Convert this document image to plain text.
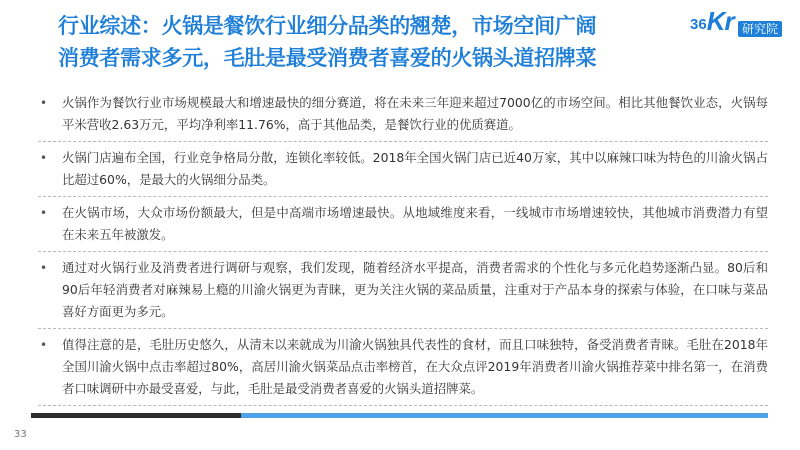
行业综述：火锅是餐饮行业细分品类的翘楚，市场空间广阔
消费者需求多元，毛肚是最受消费者喜爱的火锅头道招牌菜
36 Kr 研究院
• 火锅作为餐饮行业市场规模最大和增速最快的细分赛道，将在未来三年迎来超过7000亿的市场空间。相比其他餐饮业态，火锅每平米营收2.63万元，平均净利率11.76%，高于其他品类，是餐饮行业的优质赛道。
• 火锅门店遍布全国，行业竞争格局分散，连锁化率较低。2018年全国火锅门店已近40万家，其中以麻辣口味为特色的川渝火锅占比超过60%，是最大的火锅细分品类。
• 在火锅市场，大众市场份额最大，但是中高端市场增速最快。从地域维度来看，一线城市市场增速较快，其他城市消费潜力有望在未来五年被激发。
• 通过对火锅行业及消费者进行调研与观察，我们发现，随着经济水平提高，消费者需求的个性化与多元化趋势逐渐凸显。80后和90后年轻消费者对麻辣易上瘾的川渝火锅更为青睐，更为关注火锅的菜品质量，注重对于产品本身的探索与体验，在口味与菜品喜好方面更为多元。
• 值得注意的是，毛肚历史悠久，从清末以来就成为川渝火锅独具代表性的食材，而且口味独特，备受消费者青睐。毛肚在2018年全国川渝火锅中点击率超过80%，高居川渝火锅菜品点击率榜首，在大众点评2019年消费者川渝火锅推荐菜中排名第一，在消费者口味调研中亦最受喜爱，与此，毛肚是最受消费者喜爱的火锅头道招牌菜。
33
